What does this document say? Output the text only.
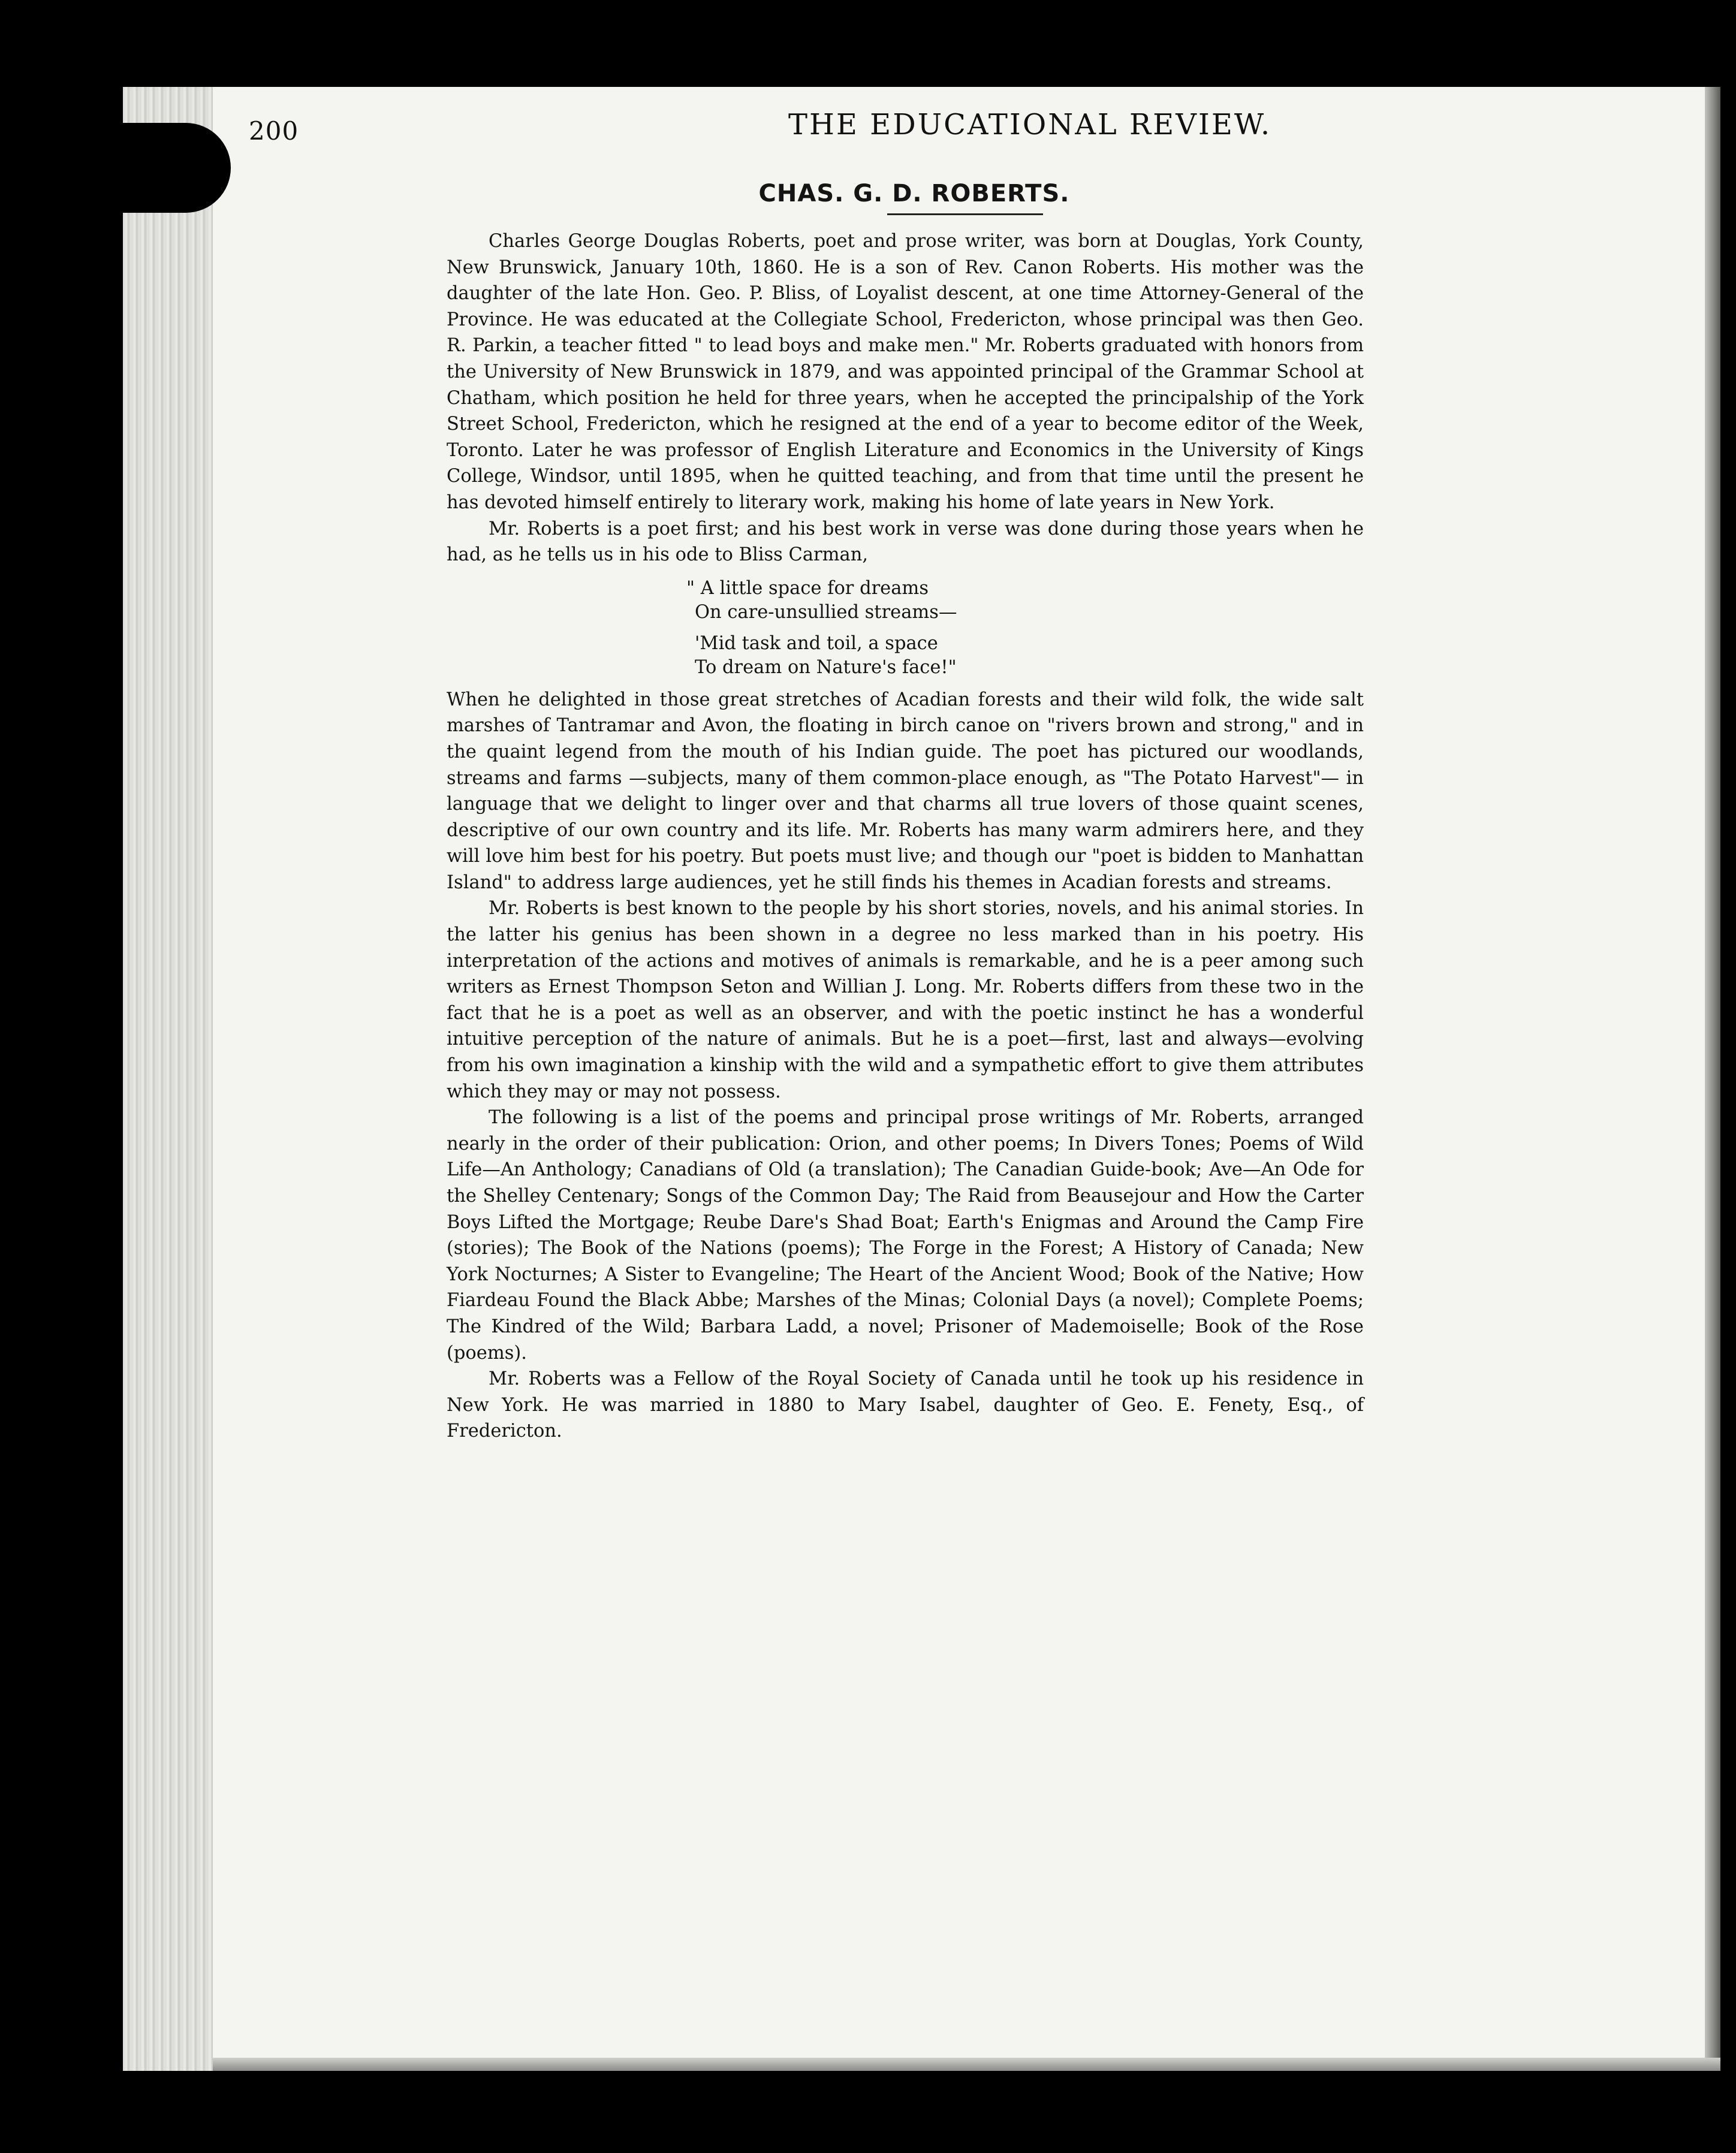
200	THE EDUCATIONAL REVIEW.
CHAS. G. D. ROBERTS.

Charles George Douglas Roberts, poet and prose writer, was born at Douglas, York County, New Brunswick, January 10th, 1860. He is a son of Rev. Canon Roberts. His mother was the daughter of the late Hon. Geo. P. Bliss, of Loyalist descent, at one time Attorney-General of the Province. He was educated at the Collegiate School, Fredericton, whose principal was then Geo. R. Parkin, a teacher fitted " to lead boys and make men." Mr. Roberts graduated with honors from the University of New Brunswick in 1879, and was appointed principal of the Grammar School at Chatham, which position he held for three years, when he accepted the principalship of the York Street School, Fredericton, which he resigned at the end of a year to become editor of the Week, Toronto. Later he was professor of English Literature and Economics in the University of Kings College, Windsor, until 1895, when he quitted teaching, and from that time until the present he has devoted himself entirely to literary work, making his home of late years in New York.

Mr. Roberts is a poet first; and his best work in verse was done during those years when he had, as he tells us in his ode to Bliss Carman,

" A little space for dreams
On care-unsullied streams—
'Mid task and toil, a space
To dream on Nature's face!"

When he delighted in those great stretches of Acadian forests and their wild folk, the wide salt marshes of Tantramar and Avon, the floating in birch canoe on "rivers brown and strong," and in the quaint legend from the mouth of his Indian guide. The poet has pictured our woodlands, streams and farms —subjects, many of them common-place enough, as "The Potato Harvest"— in language that we delight to linger over and that charms all true lovers of those quaint scenes, descriptive of our own country and its life. Mr. Roberts has many warm admirers here, and they will love him best for his poetry. But poets must live; and though our "poet is bidden to Manhattan Island" to address large audiences, yet he still finds his themes in Acadian forests and streams.

Mr. Roberts is best known to the people by his short stories, novels, and his animal stories. In the latter his genius has been shown in a degree no less marked than in his poetry. His interpretation of the actions and motives of animals is remarkable, and he is a peer among such writers as Ernest Thompson Seton and Willian J. Long. Mr. Roberts differs from these two in the fact that he is a poet as well as an observer, and with the poetic instinct he has a wonderful intuitive perception of the nature of animals. But he is a poet—first, last and always—evolving from his own imagination a kinship with the wild and a sympathetic effort to give them attributes which they may or may not possess.

The following is a list of the poems and principal prose writings of Mr. Roberts, arranged nearly in the order of their publication: Orion, and other poems; In Divers Tones; Poems of Wild Life—An Anthology; Canadians of Old (a translation); The Canadian Guide-book; Ave—An Ode for the Shelley Centenary; Songs of the Common Day; The Raid from Beausejour and How the Carter Boys Lifted the Mortgage; Reube Dare's Shad Boat; Earth's Enigmas and Around the Camp Fire (stories); The Book of the Nations (poems); The Forge in the Forest; A History of Canada; New York Nocturnes; A Sister to Evangeline; The Heart of the Ancient Wood; Book of the Native; How Fiardeau Found the Black Abbe; Marshes of the Minas; Colonial Days (a novel); Complete Poems; The Kindred of the Wild; Barbara Ladd, a novel; Prisoner of Mademoiselle; Book of the Rose (poems).

Mr. Roberts was a Fellow of the Royal Society of Canada until he took up his residence in New York. He was married in 1880 to Mary Isabel, daughter of Geo. E. Fenety, Esq., of Fredericton.
